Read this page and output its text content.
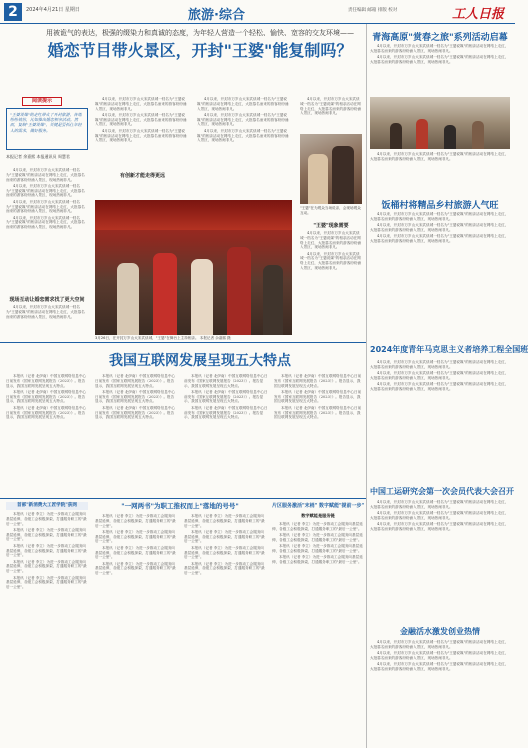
2	2024年4月21日 星期日	旅游·综合	责任编辑 邮箱 排版 校对	工人日报
用被诡气的表达，极强的缀染力和真诚的态度，为年轻人营造一个轻松、愉快、宽容的交友环境——
婚恋节目带火景区，开封"王婆"能复制吗？
阅读提示
"王婆说媒"的走红带火了开封旅游，各地纷纷效仿，比如推出婚恋相亲活动。然而，复制"王婆说媒"，关键是要抓住年轻人的需求，做好服务。
本报记者 余嘉熙 本报通讯员 周慧君

4月以来，开封市万岁山大宋武侠城一档名为"王婆说媒"的相亲活动在网络上走红，大批慕名而来的游客纷纷涌入景区，现场热闹非凡。

4月以来，开封市万岁山大宋武侠城一档名为"王婆说媒"的相亲活动在网络上走红，大批慕名而来的游客纷纷涌入景区，现场热闹非凡。

4月以来，开封市万岁山大宋武侠城一档名为"王婆说媒"的相亲活动在网络上走红，大批慕名而来的游客纷纷涌入景区，现场热闹非凡。

4月以来，开封市万岁山大宋武侠城一档名为"王婆说媒"的相亲活动在网络上走红，大批慕名而来的游客纷纷涌入景区，现场热闹非凡。

现场互动让婚恋需求找了更大空间

4月以来，开封市万岁山大宋武侠城一档名为"王婆说媒"的相亲活动在网络上走红，大批慕名而来的游客纷纷涌入景区，现场热闹非凡。

4月以来，开封市万岁山大宋武侠城一档名为"王婆说媒"的相亲活动在网络上走红，大批慕名而来的游客纷纷涌入景区，现场热闹非凡。

4月以来，开封市万岁山大宋武侠城一档名为"王婆说媒"的相亲活动在网络上走红，大批慕名而来的游客纷纷涌入景区，现场热闹非凡。

4月以来，开封市万岁山大宋武侠城一档名为"王婆说媒"的相亲活动在网络上走红，大批慕名而来的游客纷纷涌入景区，现场热闹非凡。

有创新才能走得更远

4月以来，开封市万岁山大宋武侠城一档名为"王婆说媒"的相亲活动在网络上走红，大批慕名而来的游客纷纷涌入景区，现场热闹非凡。

4月以来，开封市万岁山大宋武侠城一档名为"王婆说媒"的相亲活动在网络上走红，大批慕名而来的游客纷纷涌入景区，现场热闹非凡。

4月以来，开封市万岁山大宋武侠城一档名为"王婆说媒"的相亲活动在网络上走红，大批慕名而来的游客纷纷涌入景区，现场热闹非凡。

4月以来，开封市万岁山大宋武侠城一档名为"王婆说媒"的相亲活动在网络上走红，大批慕名而来的游客纷纷涌入景区，现场热闹非凡。

"王婆"在为观众当场说亲，会现场观众互动。
"王婆"现象需要

4月以来，开封市万岁山大宋武侠城一档名为"王婆说媒"的相亲活动在网络上走红，大批慕名而来的游客纷纷涌入景区，现场热闹非凡。

4月以来，开封市万岁山大宋武侠城一档名为"王婆说媒"的相亲活动在网络上走红，大批慕名而来的游客纷纷涌入景区，现场热闹非凡。

3月26日，在开封万岁山大宋武侠城，"王婆"在舞台上主持相亲。 本报记者 余嘉熙 摄
青海高原"赏春之旅"系列活动启幕

4月以来，开封市万岁山大宋武侠城一档名为"王婆说媒"的相亲活动在网络上走红，大批慕名而来的游客纷纷涌入景区，现场热闹非凡。

4月以来，开封市万岁山大宋武侠城一档名为"王婆说媒"的相亲活动在网络上走红，大批慕名而来的游客纷纷涌入景区，现场热闹非凡。

4月以来，开封市万岁山大宋武侠城一档名为"王婆说媒"的相亲活动在网络上走红，大批慕名而来的游客纷纷涌入景区，现场热闹非凡。

饭桶村将精品乡村旅游人气旺

4月以来，开封市万岁山大宋武侠城一档名为"王婆说媒"的相亲活动在网络上走红，大批慕名而来的游客纷纷涌入景区，现场热闹非凡。

4月以来，开封市万岁山大宋武侠城一档名为"王婆说媒"的相亲活动在网络上走红，大批慕名而来的游客纷纷涌入景区，现场热闹非凡。

4月以来，开封市万岁山大宋武侠城一档名为"王婆说媒"的相亲活动在网络上走红，大批慕名而来的游客纷纷涌入景区，现场热闹非凡。

2024年度青年马克思主义者培养工程全国班

4月以来，开封市万岁山大宋武侠城一档名为"王婆说媒"的相亲活动在网络上走红，大批慕名而来的游客纷纷涌入景区，现场热闹非凡。

4月以来，开封市万岁山大宋武侠城一档名为"王婆说媒"的相亲活动在网络上走红，大批慕名而来的游客纷纷涌入景区，现场热闹非凡。

4月以来，开封市万岁山大宋武侠城一档名为"王婆说媒"的相亲活动在网络上走红，大批慕名而来的游客纷纷涌入景区，现场热闹非凡。

中国工运研究会第一次会员代表大会召开

4月以来，开封市万岁山大宋武侠城一档名为"王婆说媒"的相亲活动在网络上走红，大批慕名而来的游客纷纷涌入景区，现场热闹非凡。

4月以来，开封市万岁山大宋武侠城一档名为"王婆说媒"的相亲活动在网络上走红，大批慕名而来的游客纷纷涌入景区，现场热闹非凡。

4月以来，开封市万岁山大宋武侠城一档名为"王婆说媒"的相亲活动在网络上走红，大批慕名而来的游客纷纷涌入景区，现场热闹非凡。

金融活水激发创业热情

4月以来，开封市万岁山大宋武侠城一档名为"王婆说媒"的相亲活动在网络上走红，大批慕名而来的游客纷纷涌入景区，现场热闹非凡。

4月以来，开封市万岁山大宋武侠城一档名为"王婆说媒"的相亲活动在网络上走红，大批慕名而来的游客纷纷涌入景区，现场热闹非凡。

4月以来，开封市万岁山大宋武侠城一档名为"王婆说媒"的相亲活动在网络上走红，大批慕名而来的游客纷纷涌入景区，现场热闹非凡。

我国互联网发展呈现五大特点

本报讯（记者 北伊南）中国互联网络信息中心日前发布《国家互联网发展报告（2023）》。报告显示，我国互联网发展呈现五大特点。

本报讯（记者 北伊南）中国互联网络信息中心日前发布《国家互联网发展报告（2023）》。报告显示，我国互联网发展呈现五大特点。

本报讯（记者 北伊南）中国互联网络信息中心日前发布《国家互联网发展报告（2023）》。报告显示，我国互联网发展呈现五大特点。

本报讯（记者 北伊南）中国互联网络信息中心日前发布《国家互联网发展报告（2023）》。报告显示，我国互联网发展呈现五大特点。

本报讯（记者 北伊南）中国互联网络信息中心日前发布《国家互联网发展报告（2023）》。报告显示，我国互联网发展呈现五大特点。

本报讯（记者 北伊南）中国互联网络信息中心日前发布《国家互联网发展报告（2023）》。报告显示，我国互联网发展呈现五大特点。

本报讯（记者 北伊南）中国互联网络信息中心日前发布《国家互联网发展报告（2023）》。报告显示，我国互联网发展呈现五大特点。

本报讯（记者 北伊南）中国互联网络信息中心日前发布《国家互联网发展报告（2023）》。报告显示，我国互联网发展呈现五大特点。

本报讯（记者 北伊南）中国互联网络信息中心日前发布《国家互联网发展报告（2023）》。报告显示，我国互联网发展呈现五大特点。

本报讯（记者 北伊南）中国互联网络信息中心日前发布《国家互联网发展报告（2023）》。报告显示，我国互联网发展呈现五大特点。

本报讯（记者 北伊南）中国互联网络信息中心日前发布《国家互联网发展报告（2023）》。报告显示，我国互联网发展呈现五大特点。

本报讯（记者 北伊南）中国互联网络信息中心日前发布《国家互联网发展报告（2023）》。报告显示，我国互联网发展呈现五大特点。

首部"新消费大工匠学院"获网

本报讯（记者 李立）为进一步推动工会服务向基层延伸，各级工会积极探索，打通服务职工的"最后一公里"。

本报讯（记者 李立）为进一步推动工会服务向基层延伸，各级工会积极探索，打通服务职工的"最后一公里"。

本报讯（记者 李立）为进一步推动工会服务向基层延伸，各级工会积极探索，打通服务职工的"最后一公里"。

本报讯（记者 李立）为进一步推动工会服务向基层延伸，各级工会积极探索，打通服务职工的"最后一公里"。

本报讯（记者 李立）为进一步推动工会服务向基层延伸，各级工会积极探索，打通服务职工的"最后一公里"。

"一网两书"为职工推权而上"落地的号号"

本报讯（记者 李立）为进一步推动工会服务向基层延伸，各级工会积极探索，打通服务职工的"最后一公里"。

本报讯（记者 李立）为进一步推动工会服务向基层延伸，各级工会积极探索，打通服务职工的"最后一公里"。

本报讯（记者 李立）为进一步推动工会服务向基层延伸，各级工会积极探索，打通服务职工的"最后一公里"。

本报讯（记者 李立）为进一步推动工会服务向基层延伸，各级工会积极探索，打通服务职工的"最后一公里"。

本报讯（记者 李立）为进一步推动工会服务向基层延伸，各级工会积极探索，打通服务职工的"最后一公里"。

本报讯（记者 李立）为进一步推动工会服务向基层延伸，各级工会积极探索，打通服务职工的"最后一公里"。

本报讯（记者 李立）为进一步推动工会服务向基层延伸，各级工会积极探索，打通服务职工的"最后一公里"。

本报讯（记者 李立）为进一步推动工会服务向基层延伸，各级工会积极探索，打通服务职工的"最后一公里"。

片区服务激活"末梢" 数字赋能"提前一步"
数字赋能是服务链

本报讯（记者 李立）为进一步推动工会服务向基层延伸，各级工会积极探索，打通服务职工的"最后一公里"。

本报讯（记者 李立）为进一步推动工会服务向基层延伸，各级工会积极探索，打通服务职工的"最后一公里"。

本报讯（记者 李立）为进一步推动工会服务向基层延伸，各级工会积极探索，打通服务职工的"最后一公里"。

本报讯（记者 李立）为进一步推动工会服务向基层延伸，各级工会积极探索，打通服务职工的"最后一公里"。
